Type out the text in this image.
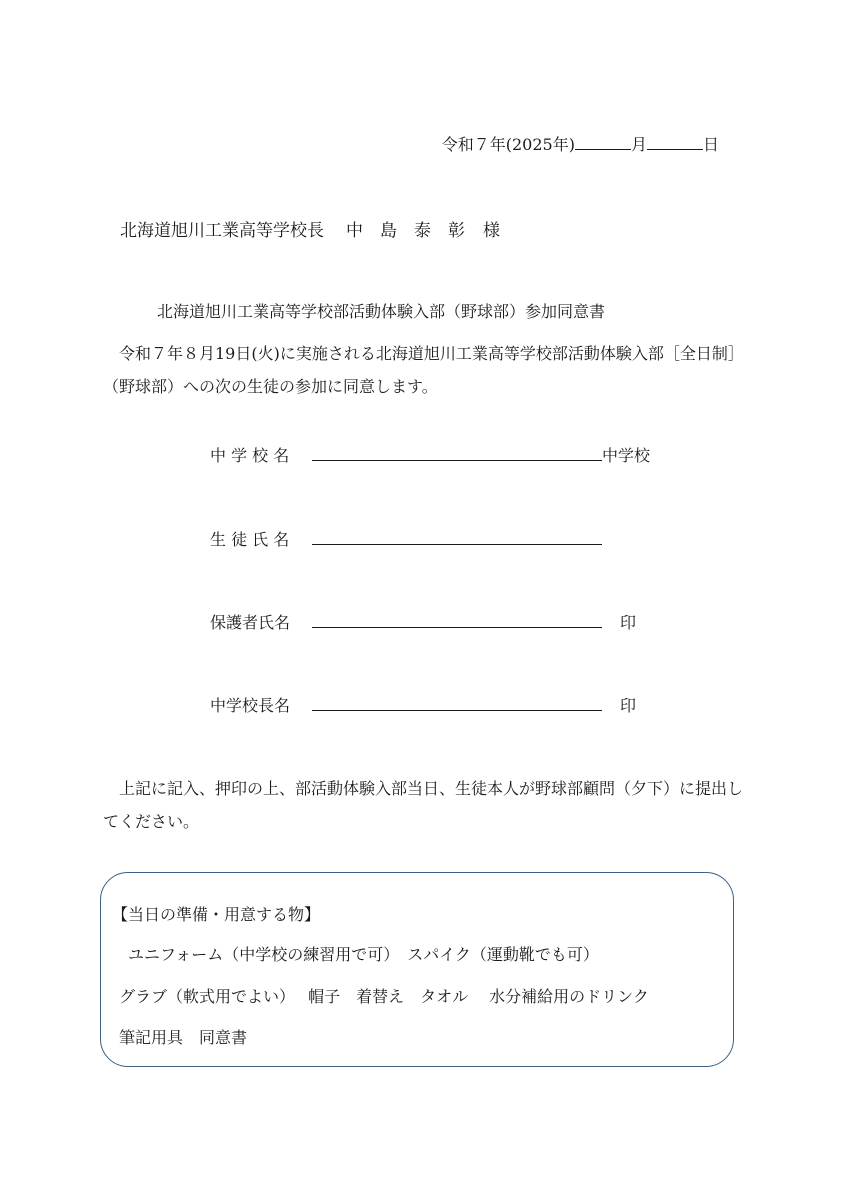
令和７年(2025年)	月	日
北海道旭川工業高等学校長 中　島　泰　彰 様
北海道旭川工業高等学校部活動体験入部（野球部）参加同意書
令和７年８月19日(火)に実施される北海道旭川工業高等学校部活動体験入部［全日制］（野球部）への次の生徒の参加に同意します。
中 学 校 名	中学校
生 徒 氏 名
保護者氏名	印
中学校長名	印
上記に記入、押印の上、部活動体験入部当日、生徒本人が野球部顧問（夕下）に提出してください。
【当日の準備・用意する物】
ユニフォーム（中学校の練習用で可）　スパイク（運動靴でも可）
グラブ（軟式用でよい）　 帽子　着替え　タオル　 水分補給用のドリンク
筆記用具　同意書
